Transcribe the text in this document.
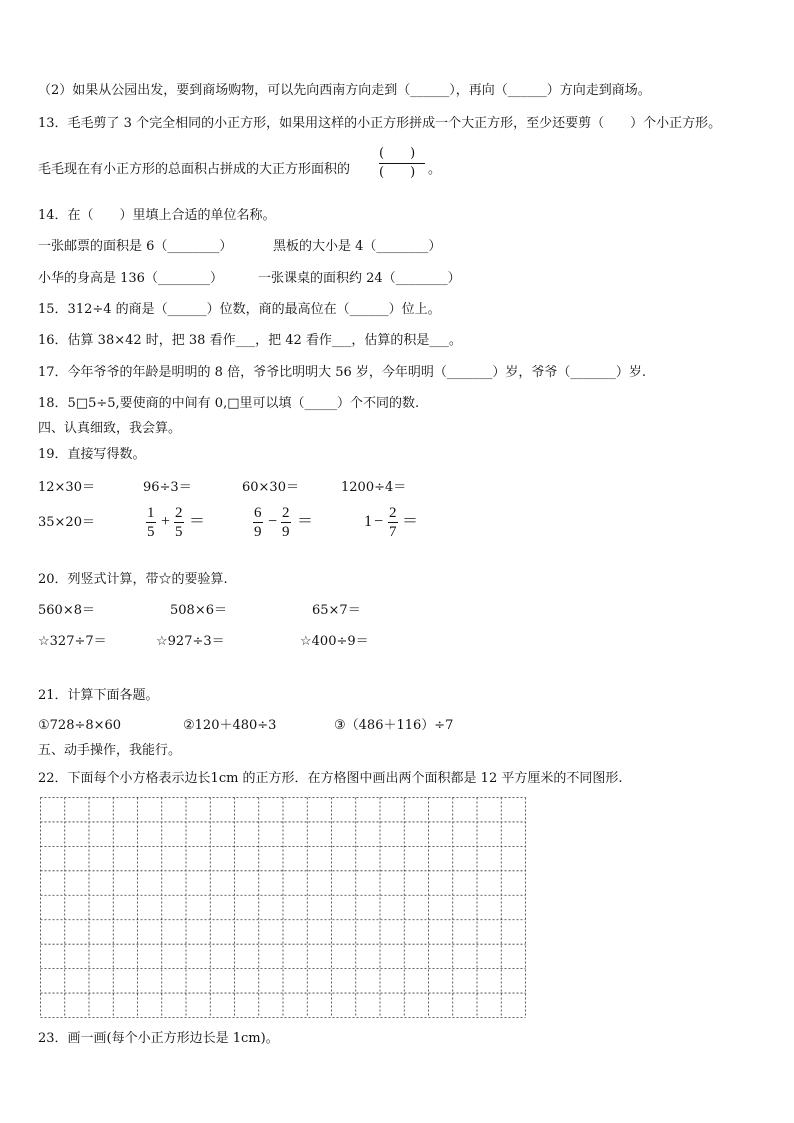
（2）如果从公园出发，要到商场购物，可以先向西南方向走到（______），再向（______）方向走到商场。
13．毛毛剪了 3 个完全相同的小正方形，如果用这样的小正方形拼成一个大正方形，至少还要剪（　　）个小正方形。
毛毛现在有小正方形的总面积占拼成的大正方形面积的
(　　)
(　　) 。
14．在（　　）里填上合适的单位名称。
一张邮票的面积是 6（________）	黑板的大小是 4（________）
小华的身高是 136（________）	一张课桌的面积约 24（________）
15．312÷4 的商是（______）位数，商的最高位在（______）位上。
16．估算 38×42 时，把 38 看作___，把 42 看作___，估算的积是___。
17．今年爷爷的年龄是明明的 8 倍，爷爷比明明大 56 岁，今年明明（_______）岁，爷爷（_______）岁.
18．5□5÷5,要使商的中间有 0,□里可以填（_____）个不同的数.
四、认真细致，我会算。
19．直接写得数。
12×30＝	96÷3＝	60×30＝	1200÷4＝
35×20＝
1
5
+ 2
5
＝	6
9
− 2
9
＝	1 − 2
7
＝
20．列竖式计算，带☆的要验算.
560×8＝	508×6＝	65×7＝
☆327÷7＝	☆927÷3＝	☆400÷9＝
21．计算下面各题。
①728÷8×60	②120＋480÷3	③（486＋116）÷7
五、动手操作，我能行。
22．下面每个小方格表示边长1cm 的正方形．在方格图中画出两个面积都是 12 平方厘米的不同图形.
23．画一画(每个小正方形边长是 1cm)。
